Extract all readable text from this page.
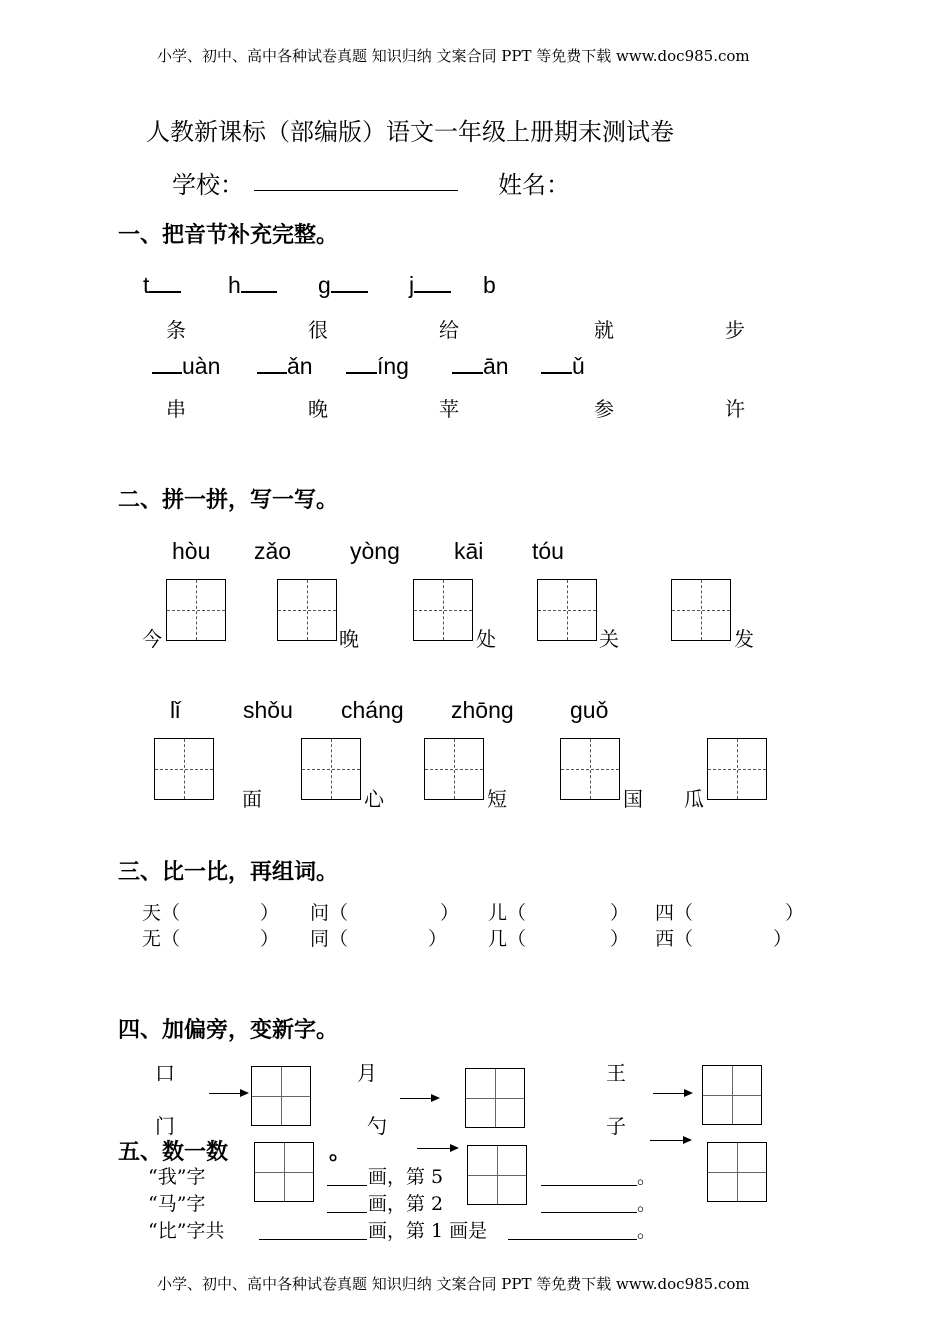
小学、初中、高中各种试卷真题 知识归纳 文案合同 PPT 等免费下载 www.doc985.com
小学、初中、高中各种试卷真题 知识归纳 文案合同 PPT 等免费下载 www.doc985.com
人教新课标（部编版）语文一年级上册期末测试卷
学校：	姓名：
一、把音节补充完整。
t	h	g	j	b
条	很	给	就	步
uàn	ǎn	íng	ān	ǔ
串	晚	苹	参	许
二、拼一拼，写一写。
hòu zǎo	yòng kāi tóu
今	晚	处	关	发
lǐ	shǒu cháng zhōng guǒ
面	心	短	国 瓜
三、比一比，再组词。
天（	） 问（	） 儿（	） 四（	）
无（	） 同（	） 几（	） 西（	）
四、加偏旁，变新字。
口	月	王
门	勺	子
五、数一数	。
“我”字	画，第 5	。
“马”字	画，第 2	。
“比”字共	画，第 1 画是	。
